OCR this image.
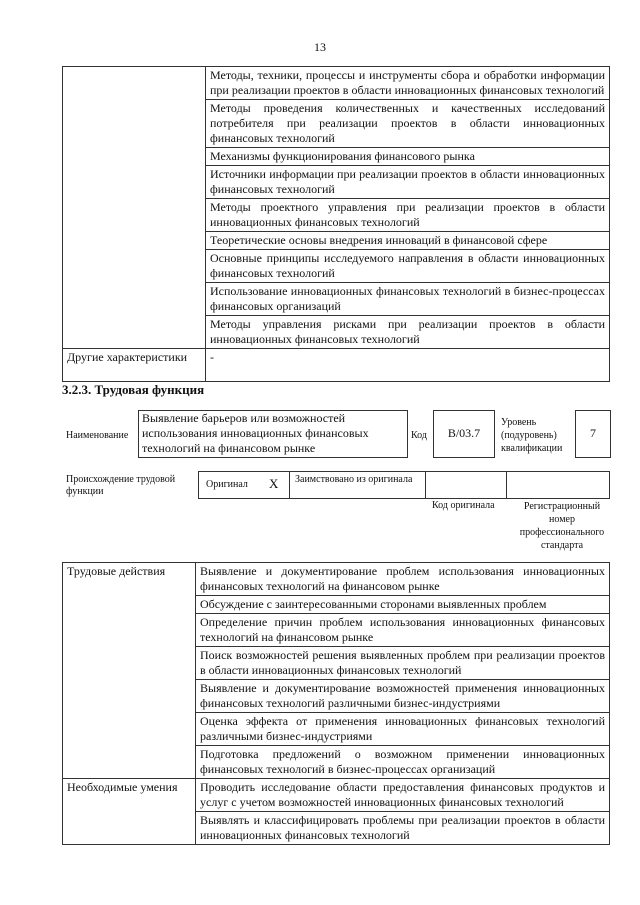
13
	Методы, техники, процессы и инструменты сбора и обработки информации при реализации проектов в области инновационных финансовых технологий
	Методы проведения количественных и качественных исследований потребителя при реализации проектов в области инновационных финансовых технологий
	Механизмы функционирования финансового рынка
	Источники информации при реализации проектов в области инновационных финансовых технологий
	Методы проектного управления при реализации проектов в области инновационных финансовых технологий
	Теоретические основы внедрения инноваций в финансовой сфере
	Основные принципы исследуемого направления в области инновационных финансовых технологий
	Использование инновационных финансовых технологий в бизнес-процессах финансовых организаций
	Методы управления рисками при реализации проектов в области инновационных финансовых технологий
Другие характеристики	-
3.2.3. Трудовая функция
Наименование
Выявление барьеров или возможностей использования инновационных финансовых технологий на финансовом рынке
Код	B/03.7
Уровень (подуровень) квалификации
7
Происхождение трудовой функции
Оригинал X Заимствовано из оригинала
Код оригинала	Регистрационный номер профессионального стандарта
Трудовые действия	Выявление и документирование проблем использования инновационных финансовых технологий на финансовом рынке
	Обсуждение с заинтересованными сторонами выявленных проблем
	Определение причин проблем использования инновационных финансовых технологий на финансовом рынке
	Поиск возможностей решения выявленных проблем при реализации проектов в области инновационных финансовых технологий
	Выявление и документирование возможностей применения инновационных финансовых технологий различными бизнес-индустриями
	Оценка эффекта от применения инновационных финансовых технологий различными бизнес-индустриями
	Подготовка предложений о возможном применении инновационных финансовых технологий в бизнес-процессах организаций
Необходимые умения	Проводить исследование области предоставления финансовых продуктов и услуг с учетом возможностей инновационных финансовых технологий
	Выявлять и классифицировать проблемы при реализации проектов в области инновационных финансовых технологий
